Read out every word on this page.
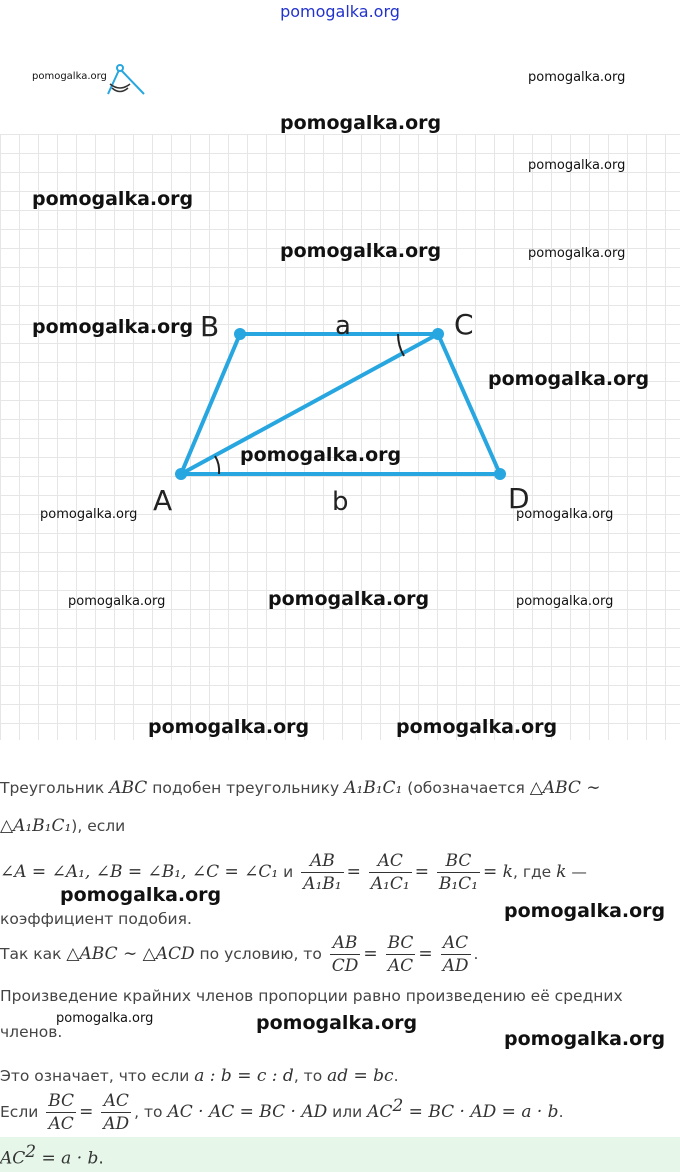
pomogalka.org
pomogalka.org
B	C
A	D
a
b
Треугольник ABC подобен треугольнику A₁B₁C₁ (обозначается △ABC ∼
△A₁B₁C₁), если
∠A = ∠A₁, ∠B = ∠B₁, ∠C = ∠C₁ и $\frac{AB}{\text{A₁B₁}} = \frac{AC}{\text{A₁C₁}} = \frac{BC}{\text{B₁C₁}} = k$, где k —
коэффициент подобия.
Так как △ABC ∼ △ACD по условию, то $\frac{AB}{CD} = \frac{BC}{AC} = \frac{AC}{AD}$ .
Произведение крайних членов пропорции равно произведению её средних
членов.
Это означает, что если a : b = c : d, то ad = bc.
Если $\frac{BC}{AC} = \frac{AC}{AD}$ , то AC · AC = BC · AD или $AC^2$ = BC · AD = a · b.
$AC^2 = a \cdot b$.
pomogalka.org
pomogalka.org
pomogalka.org
pomogalka.org
pomogalka.org	pomogalka.org
pomogalka.org
pomogalka.org
pomogalka.org
pomogalka.org	pomogalka.org
pomogalka.org	pomogalka.org	pomogalka.org
pomogalka.org	pomogalka.org
pomogalka.org
pomogalka.org
pomogalka.org	pomogalka.org
pomogalka.org
